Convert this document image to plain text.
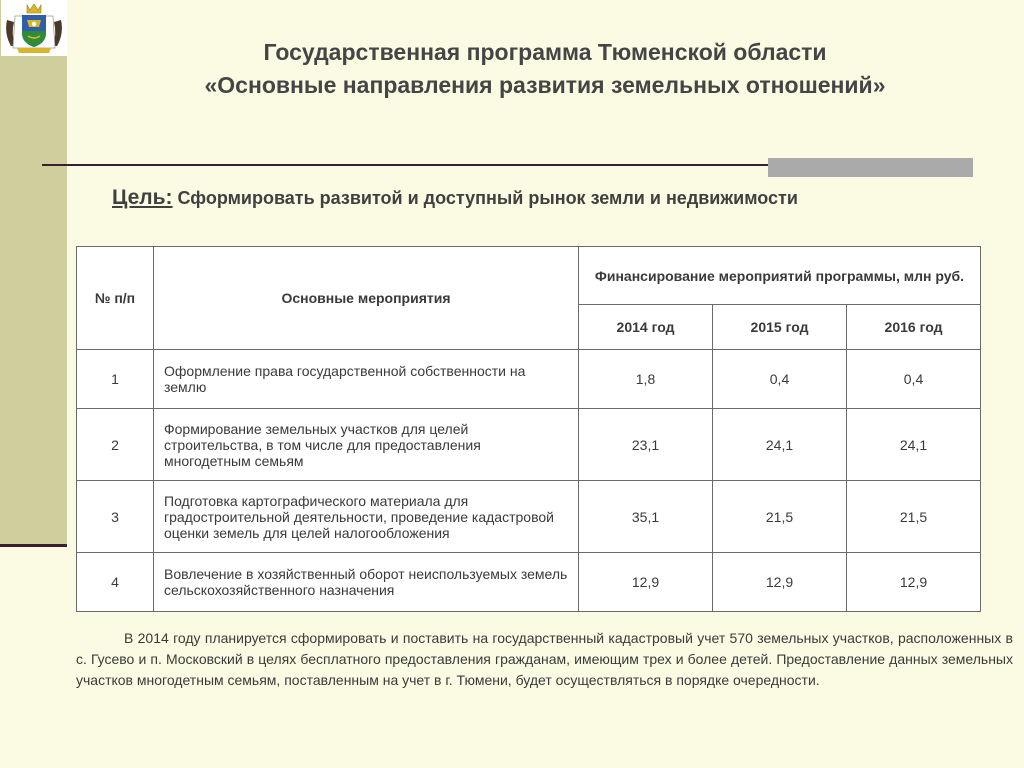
Государственная программа Тюменской области
«Основные направления развития земельных отношений»
Цель: Сформировать развитой и доступный рынок земли и недвижимости
№ п/п	Основные мероприятия	Финансирование мероприятий программы, млн руб.		
		2014 год	2015 год	2016 год
1	Оформление права государственной собственности на землю	1,8	0,4	0,4
2	Формирование земельных участков для целей строительства, в том числе для предоставления многодетным семьям	23,1	24,1	24,1
3	Подготовка картографического материала для градостроительной деятельности, проведение кадастровой оценки земель для целей налогообложения	35,1	21,5	21,5
4	Вовлечение в хозяйственный оборот неиспользуемых земель сельскохозяйственного назначения	12,9	12,9	12,9
В 2014 году планируется сформировать и поставить на государственный кадастровый учет 570 земельных участков, расположенных в с. Гусево и п. Московский в целях бесплатного предоставления гражданам, имеющим трех и более детей. Предоставление данных земельных участков многодетным семьям, поставленным на учет в г. Тюмени, будет осуществляться в порядке очередности.
